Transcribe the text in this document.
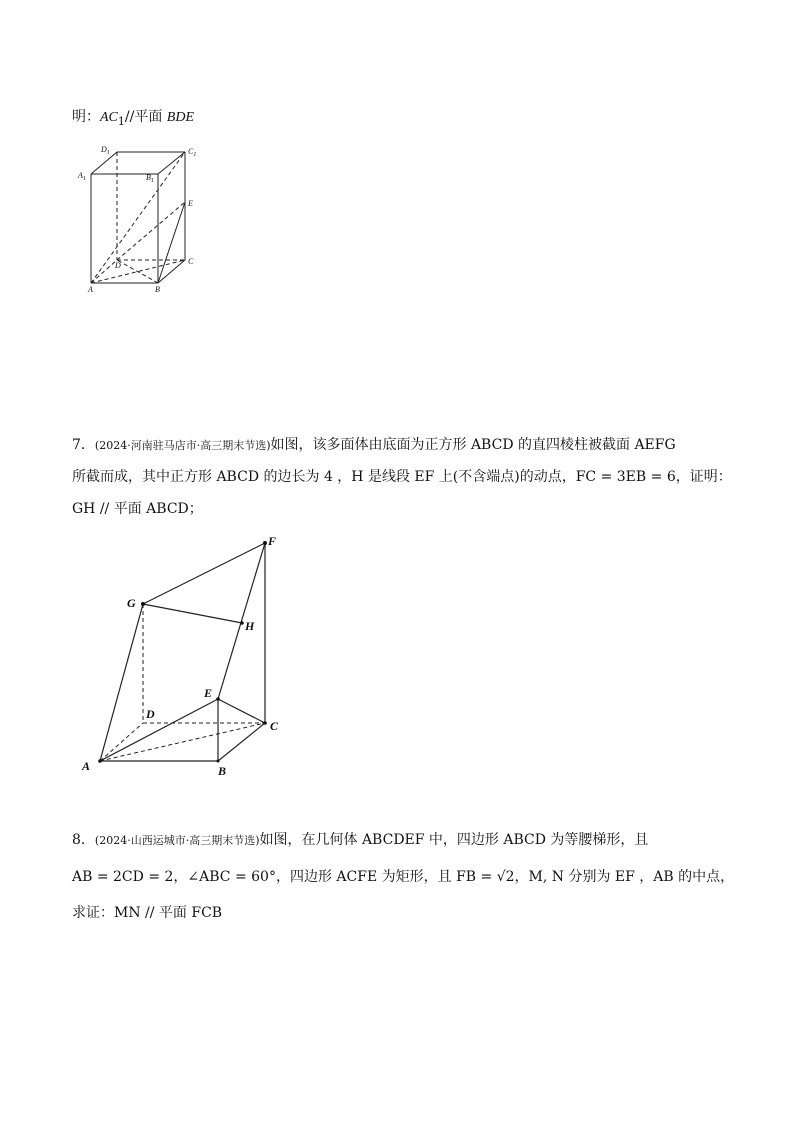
明：$AC_1//$平面 BDE
$D_1$	$C_1$
$A_1$	$B_1$
E
D	C
A	B
7．(2024·河南驻马店市·高三期末节选)如图，该多面体由底面为正方形 ABCD 的直四棱柱被截面 AEFG
所截而成，其中正方形 ABCD 的边长为 4 ，H 是线段 EF 上(不含端点)的动点，FC = 3EB = 6，证明：
GH // 平面 ABCD；
F
G
H
E
D
C
A	B
8．(2024·山西运城市·高三期末节选)如图，在几何体 ABCDEF 中，四边形 ABCD 为等腰梯形，且
AB = 2CD = 2，∠ABC = 60°，四边形 ACFE 为矩形，且 FB = √2，M, N 分别为 EF ，AB 的中点，
求证：MN // 平面 FCB
